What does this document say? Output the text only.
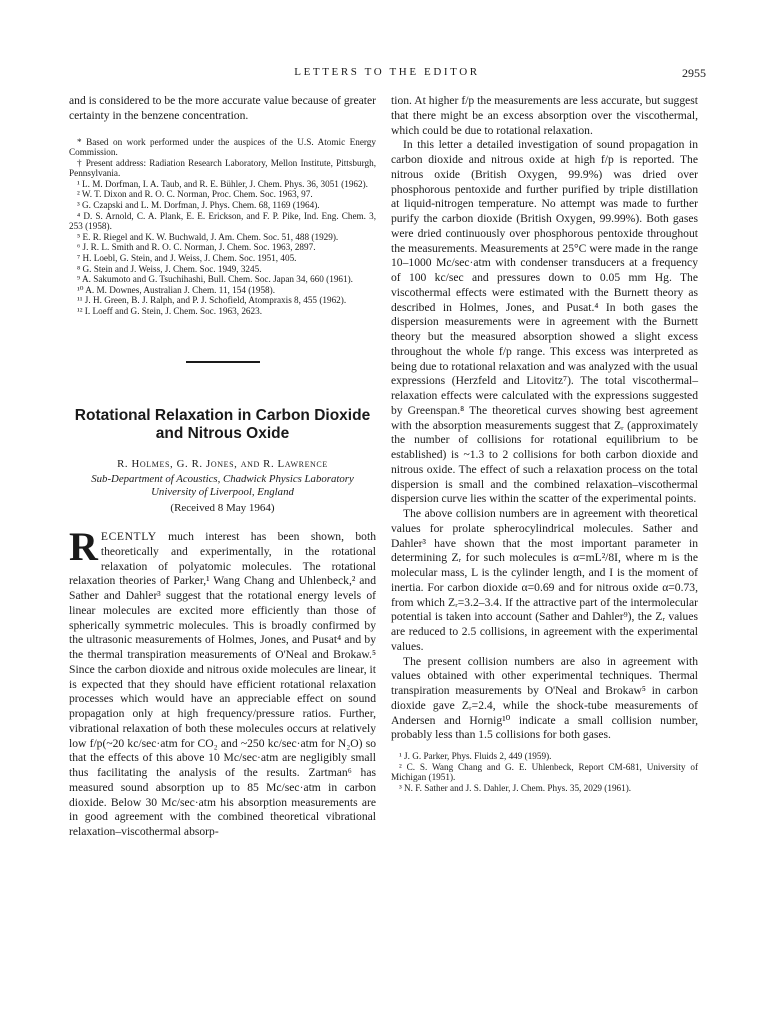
LETTERS TO THE EDITOR	2955

and is considered to be the more accurate value because of greater certainty in the benzene concentration.

* Based on work performed under the auspices of the U.S. Atomic Energy Commission.

† Present address: Radiation Research Laboratory, Mellon Institute, Pittsburgh, Pennsylvania.

¹ L. M. Dorfman, I. A. Taub, and R. E. Bühler, J. Chem. Phys. 36, 3051 (1962).

² W. T. Dixon and R. O. C. Norman, Proc. Chem. Soc. 1963, 97.

³ G. Czapski and L. M. Dorfman, J. Phys. Chem. 68, 1169 (1964).

⁴ D. S. Arnold, C. A. Plank, E. E. Erickson, and F. P. Pike, Ind. Eng. Chem. 3, 253 (1958).

⁵ E. R. Riegel and K. W. Buchwald, J. Am. Chem. Soc. 51, 488 (1929).

⁶ J. R. L. Smith and R. O. C. Norman, J. Chem. Soc. 1963, 2897.

⁷ H. Loebl, G. Stein, and J. Weiss, J. Chem. Soc. 1951, 405.

⁸ G. Stein and J. Weiss, J. Chem. Soc. 1949, 3245.

⁹ A. Sakumoto and G. Tsuchihashi, Bull. Chem. Soc. Japan 34, 660 (1961).

¹⁰ A. M. Downes, Australian J. Chem. 11, 154 (1958).

¹¹ J. H. Green, B. J. Ralph, and P. J. Schofield, Atompraxis 8, 455 (1962).

¹² I. Loeff and G. Stein, J. Chem. Soc. 1963, 2623.

Rotational Relaxation in Carbon Dioxide and Nitrous Oxide
R. Holmes, G. R. Jones, and R. Lawrence
Sub-Department of Acoustics, Chadwick Physics Laboratory University of Liverpool, England
(Received 8 May 1964)

RECENTLY much interest has been shown, both theoretically and experimentally, in the rotational relaxation of polyatomic molecules. The rotational relaxation theories of Parker,¹ Wang Chang and Uhlenbeck,² and Sather and Dahler³ suggest that the rotational energy levels of linear molecules are excited more efficiently than those of spherically symmetric molecules. This is broadly confirmed by the ultrasonic measurements of Holmes, Jones, and Pusat⁴ and by the thermal transpiration measurements of O'Neal and Brokaw.⁵ Since the carbon dioxide and nitrous oxide molecules are linear, it is expected that they should have efficient rotational relaxation processes which would have an appreciable effect on sound propagation only at high frequency/pressure ratios. Further, vibrational relaxation of both these molecules occurs at relatively low f/p(~20 kc/sec·atm for CO₂ and ~250 kc/sec·atm for N₂O) so that the effects of this above 10 Mc/sec·atm are negligibly small thus facilitating the analysis of the results. Zartman⁶ has measured sound absorption up to 85 Mc/sec·atm in carbon dioxide. Below 30 Mc/sec·atm his absorption measurements are in good agreement with the combined theoretical vibrational relaxation–viscothermal absorp-

tion. At higher f/p the measurements are less accurate, but suggest that there might be an excess absorption over the viscothermal, which could be due to rotational relaxation.

In this letter a detailed investigation of sound propagation in carbon dioxide and nitrous oxide at high f/p is reported. The nitrous oxide (British Oxygen, 99.9%) was dried over phosphorous pentoxide and further purified by triple distillation at liquid-nitrogen temperature. No attempt was made to further purify the carbon dioxide (British Oxygen, 99.99%). Both gases were dried continuously over phosphorous pentoxide throughout the measurements. Measurements at 25°C were made in the range 10–1000 Mc/sec·atm with condenser transducers at a frequency of 100 kc/sec and pressures down to 0.05 mm Hg. The viscothermal effects were estimated with the Burnett theory as described in Holmes, Jones, and Pusat.⁴ In both gases the dispersion measurements were in agreement with the Burnett theory but the measured absorption showed a slight excess throughout the whole f/p range. This excess was interpreted as being due to rotational relaxation and was analyzed with the usual expressions (Herzfeld and Litovitz⁷). The total viscothermal–relaxation effects were calculated with the expressions suggested by Greenspan.⁸ The theoretical curves showing best agreement with the absorption measurements suggest that Zᵣ (approximately the number of collisions for rotational equilibrium to be established) is ~1.3 to 2 collisions for both carbon dioxide and nitrous oxide. The effect of such a relaxation process on the total dispersion is small and the combined relaxation–viscothermal dispersion curve lies within the scatter of the experimental points.

The above collision numbers are in agreement with theoretical values for prolate spherocylindrical molecules. Sather and Dahler³ have shown that the most important parameter in determining Zᵣ for such molecules is α=mL²/8I, where m is the molecular mass, L is the cylinder length, and I is the moment of inertia. For carbon dioxide α=0.69 and for nitrous oxide α=0.73, from which Zᵣ=3.2–3.4. If the attractive part of the intermolecular potential is taken into account (Sather and Dahler⁹), the Zᵣ values are reduced to 2.5 collisions, in agreement with the experimental values.

The present collision numbers are also in agreement with values obtained with other experimental techniques. Thermal transpiration measurements by O'Neal and Brokaw⁵ in carbon dioxide gave Zᵣ=2.4, while the shock-tube measurements of Andersen and Hornig¹⁰ indicate a small collision number, probably less than 1.5 collisions for both gases.

¹ J. G. Parker, Phys. Fluids 2, 449 (1959).

² C. S. Wang Chang and G. E. Uhlenbeck, Report CM-681, University of Michigan (1951).

³ N. F. Sather and J. S. Dahler, J. Chem. Phys. 35, 2029 (1961).
